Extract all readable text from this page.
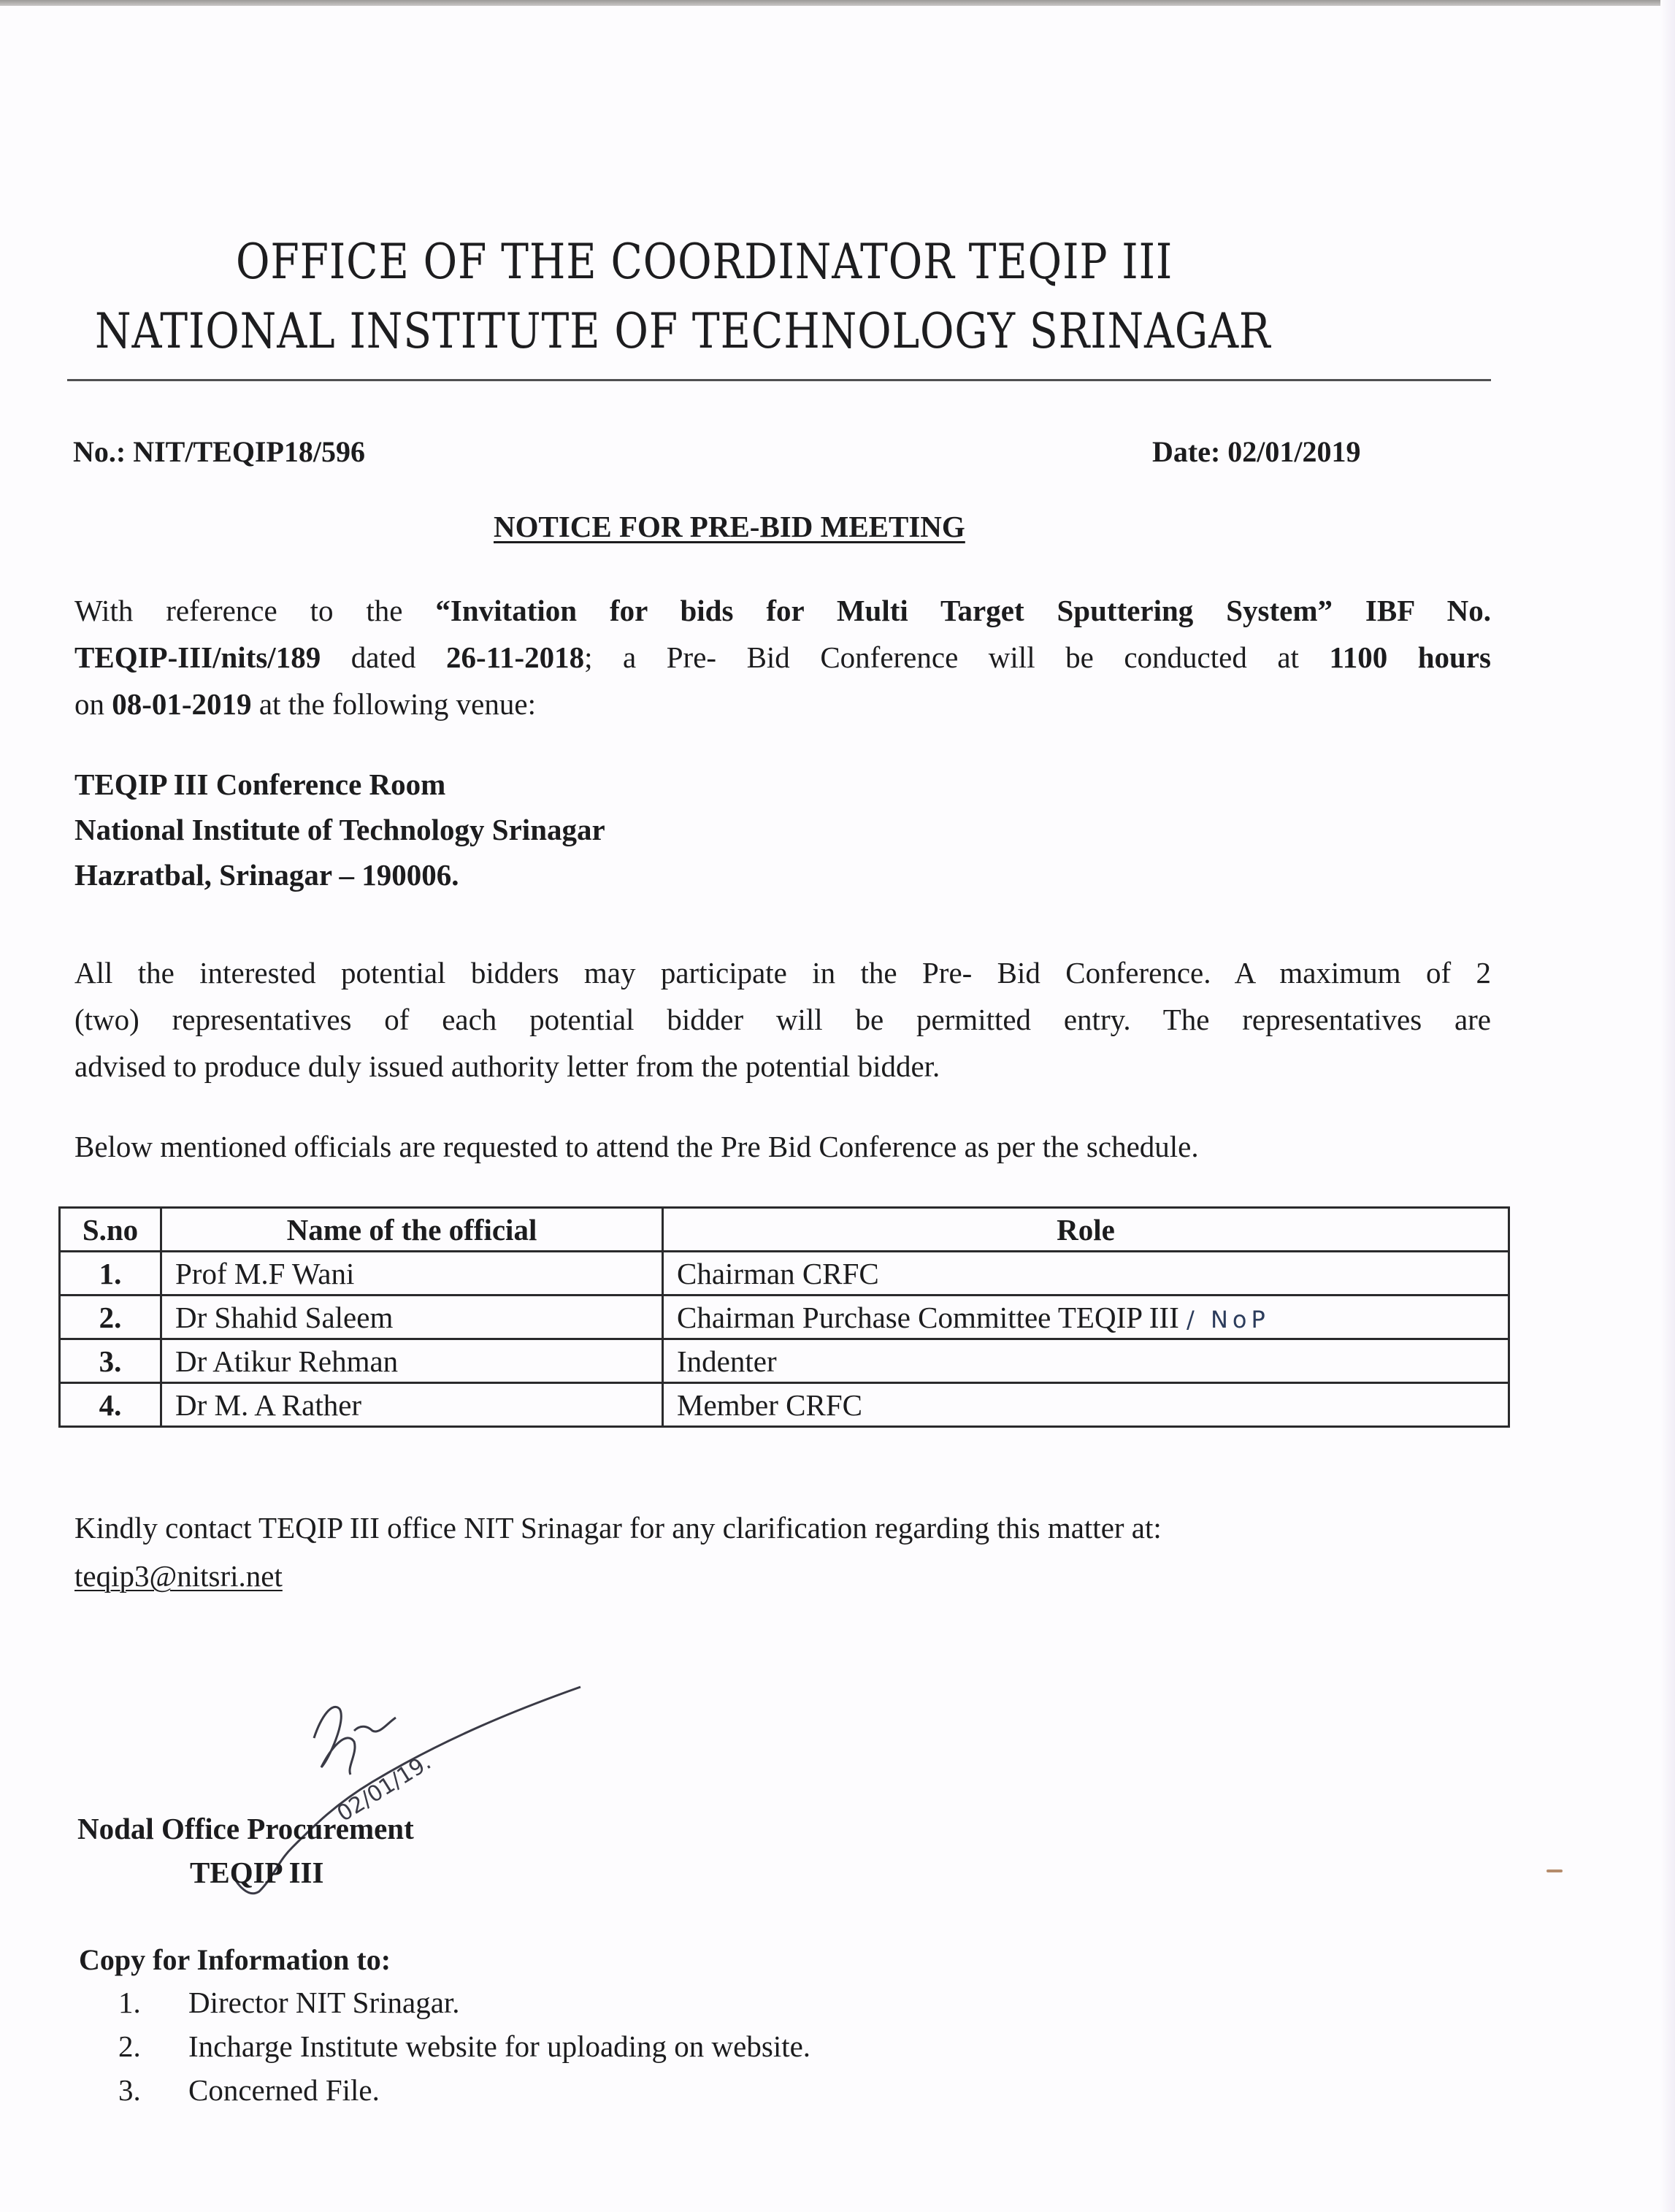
OFFICE OF THE COORDINATOR TEQIP III
NATIONAL INSTITUTE OF TECHNOLOGY SRINAGAR
No.: NIT/TEQIP18/596	Date: 02/01/2019
NOTICE FOR PRE-BID MEETING
With reference to the “Invitation for bids for Multi Target Sputtering System” IBF No.
TEQIP-III/nits/189 dated 26-11-2018; a Pre- Bid Conference will be conducted at 1100 hours
on 08-01-2019 at the following venue:
TEQIP III Conference Room
National Institute of Technology Srinagar
Hazratbal, Srinagar – 190006.
All the interested potential bidders may participate in the Pre- Bid Conference. A maximum of 2
(two) representatives of each potential bidder will be permitted entry. The representatives are
advised to produce duly issued authority letter from the potential bidder.
Below mentioned officials are requested to attend the Pre Bid Conference as per the schedule.
S.no	Name of the official	Role
1.	Prof M.F Wani	Chairman CRFC
2.	Dr Shahid Saleem	Chairman Purchase Committee TEQIP III / NoP
3.	Dr Atikur Rehman	Indenter
4.	Dr M. A Rather	Member CRFC
Kindly contact TEQIP III office NIT Srinagar for any clarification regarding this matter at:
teqip3@nitsri.net
02/01/19.
Nodal Office Procurement
TEQIP III
Copy for Information to:
1. Director NIT Srinagar.
2. Incharge Institute website for uploading on website.
3. Concerned File.
